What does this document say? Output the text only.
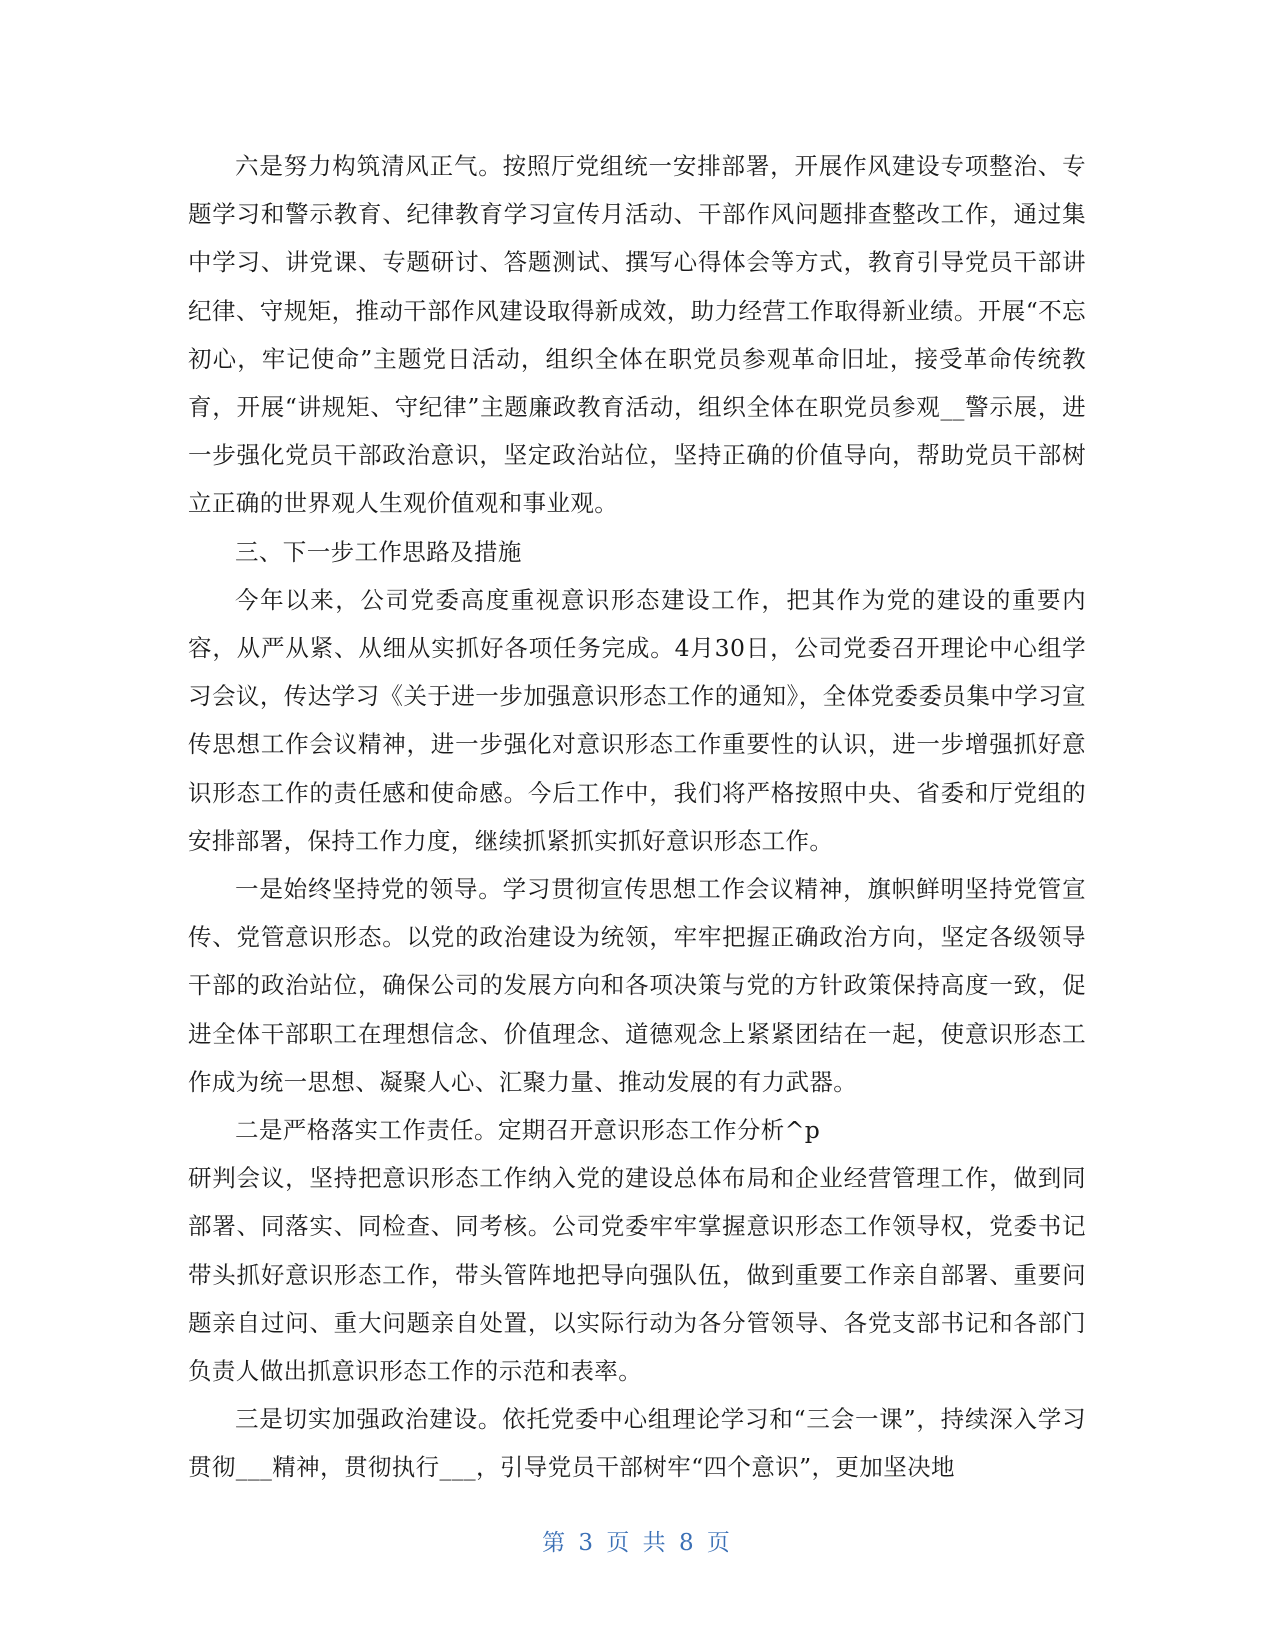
六是努力构筑清风正气。按照厅党组统一安排部署，开展作风建设专项整治、专题学习和警示教育、纪律教育学习宣传月活动、干部作风问题排查整改工作，通过集中学习、讲党课、专题研讨、答题测试、撰写心得体会等方式，教育引导党员干部讲纪律、守规矩，推动干部作风建设取得新成效，助力经营工作取得新业绩。开展“不忘初心，牢记使命”主题党日活动，组织全体在职党员参观革命旧址，接受革命传统教育，开展“讲规矩、守纪律”主题廉政教育活动，组织全体在职党员参观__警示展，进一步强化党员干部政治意识，坚定政治站位，坚持正确的价值导向，帮助党员干部树立正确的世界观人生观价值观和事业观。

三、下一步工作思路及措施

今年以来，公司党委高度重视意识形态建设工作，把其作为党的建设的重要内容，从严从紧、从细从实抓好各项任务完成。4月30日，公司党委召开理论中心组学习会议，传达学习《关于进一步加强意识形态工作的通知》，全体党委委员集中学习宣传思想工作会议精神，进一步强化对意识形态工作重要性的认识，进一步增强抓好意识形态工作的责任感和使命感。今后工作中，我们将严格按照中央、省委和厅党组的安排部署，保持工作力度，继续抓紧抓实抓好意识形态工作。

一是始终坚持党的领导。学习贯彻宣传思想工作会议精神，旗帜鲜明坚持党管宣传、党管意识形态。以党的政治建设为统领，牢牢把握正确政治方向，坚定各级领导干部的政治站位，确保公司的发展方向和各项决策与党的方针政策保持高度一致，促进全体干部职工在理想信念、价值理念、道德观念上紧紧团结在一起，使意识形态工作成为统一思想、凝聚人心、汇聚力量、推动发展的有力武器。

二是严格落实工作责任。定期召开意识形态工作分析^p

研判会议，坚持把意识形态工作纳入党的建设总体布局和企业经营管理工作，做到同部署、同落实、同检查、同考核。公司党委牢牢掌握意识形态工作领导权，党委书记带头抓好意识形态工作，带头管阵地把导向强队伍，做到重要工作亲自部署、重要问题亲自过问、重大问题亲自处置，以实际行动为各分管领导、各党支部书记和各部门负责人做出抓意识形态工作的示范和表率。

三是切实加强政治建设。依托党委中心组理论学习和“三会一课”，持续深入学习贯彻___精神，贯彻执行___，引导党员干部树牢“四个意识”，更加坚决地

第 3 页 共 8 页
